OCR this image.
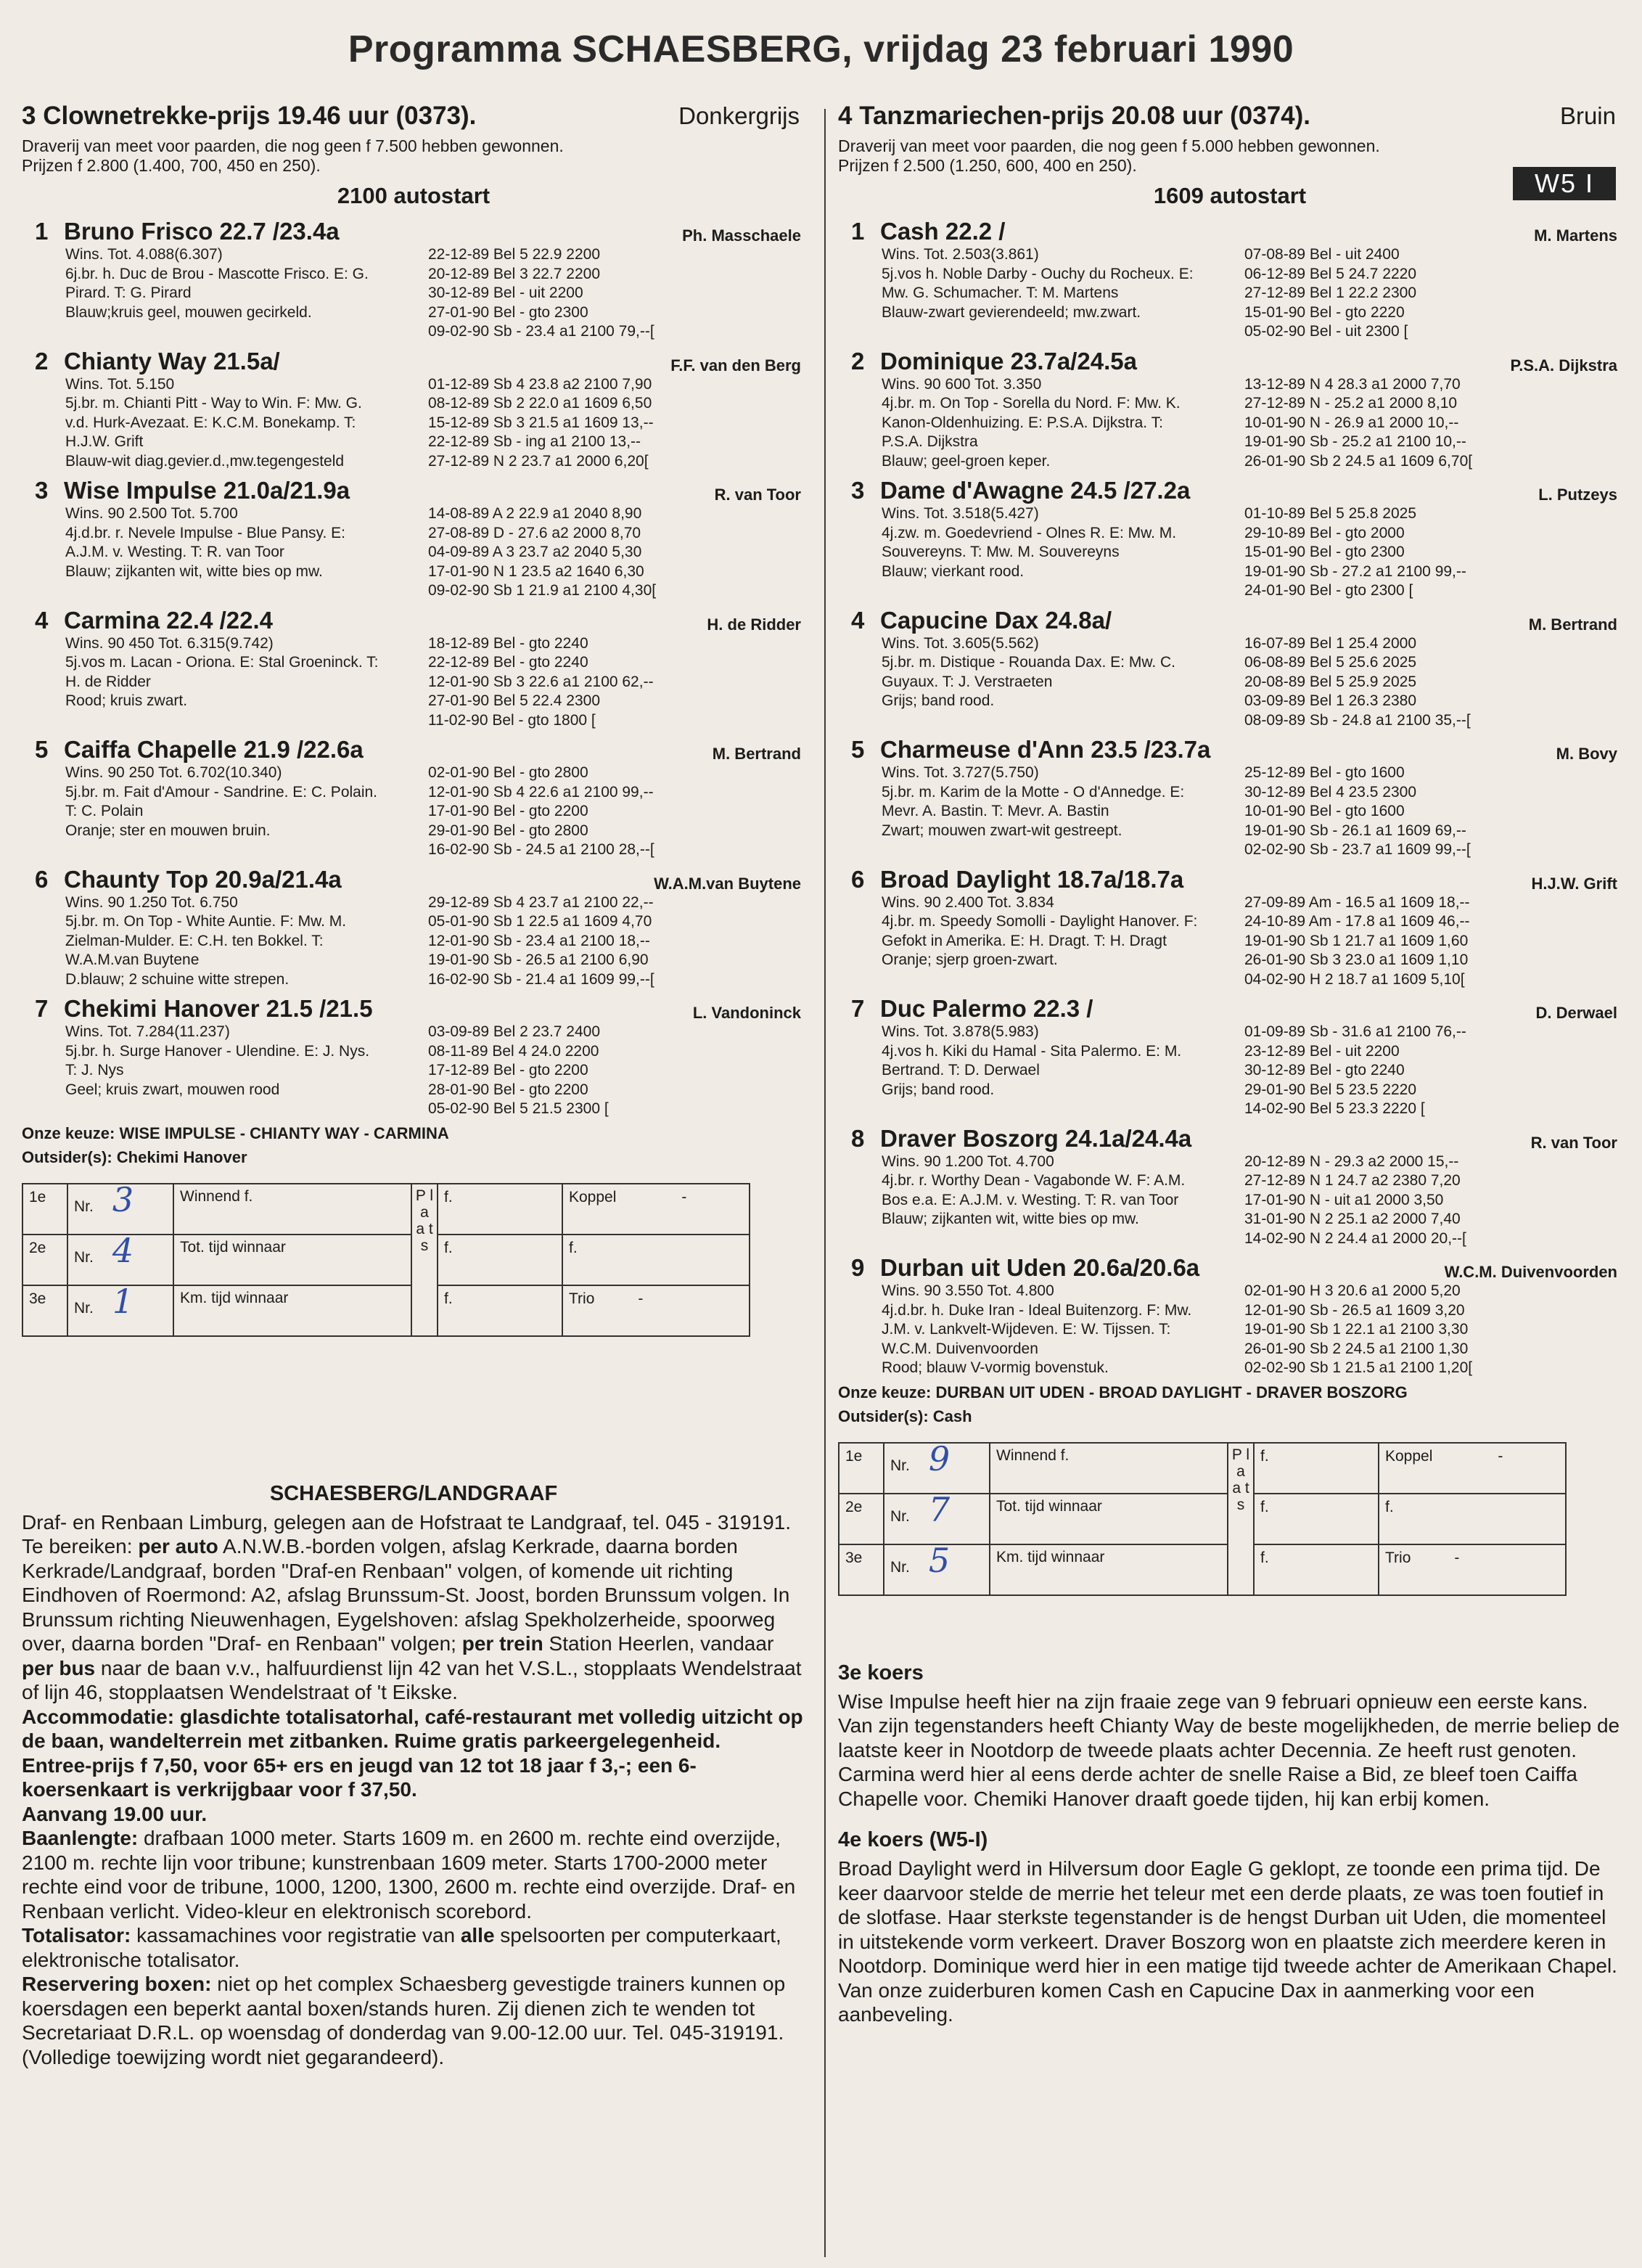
Programma SCHAESBERG, vrijdag 23 februari 1990
3 Clownetrekke-prijs 19.46 uur (0373).	Donkergrijs
Draverij van meet voor paarden, die nog geen f 7.500 hebben gewonnen.
Prijzen f 2.800 (1.400, 700, 450 en 250).
2100 autostart
1 Bruno Frisco 22.7 /23.4a	Ph. Masschaele
Wins. Tot. 4.088(6.307)
6j.br. h. Duc de Brou - Mascotte Frisco. E: G.
Pirard. T: G. Pirard
Blauw;kruis geel, mouwen gecirkeld.
22-12-89 Bel 5 22.9 2200
20-12-89 Bel 3 22.7 2200
30-12-89 Bel - uit 2200
27-01-90 Bel - gto 2300
09-02-90 Sb - 23.4 a1 2100 79,--[
2 Chianty Way 21.5a/	F.F. van den Berg
Wins. Tot. 5.150
5j.br. m. Chianti Pitt - Way to Win. F: Mw. G.
v.d. Hurk-Avezaat. E: K.C.M. Bonekamp. T:
H.J.W. Grift
Blauw-wit diag.gevier.d.,mw.tegengesteld
01-12-89 Sb 4 23.8 a2 2100 7,90
08-12-89 Sb 2 22.0 a1 1609 6,50
15-12-89 Sb 3 21.5 a1 1609 13,--
22-12-89 Sb - ing a1 2100 13,--
27-12-89 N 2 23.7 a1 2000 6,20[
3 Wise Impulse 21.0a/21.9a	R. van Toor
Wins. 90 2.500 Tot. 5.700
4j.d.br. r. Nevele Impulse - Blue Pansy. E:
A.J.M. v. Westing. T: R. van Toor
Blauw; zijkanten wit, witte bies op mw.
14-08-89 A 2 22.9 a1 2040 8,90
27-08-89 D - 27.6 a2 2000 8,70
04-09-89 A 3 23.7 a2 2040 5,30
17-01-90 N 1 23.5 a2 1640 6,30
09-02-90 Sb 1 21.9 a1 2100 4,30[
4 Carmina 22.4 /22.4	H. de Ridder
Wins. 90 450 Tot. 6.315(9.742)
5j.vos m. Lacan - Oriona. E: Stal Groeninck. T:
H. de Ridder
Rood; kruis zwart.
18-12-89 Bel - gto 2240
22-12-89 Bel - gto 2240
12-01-90 Sb 3 22.6 a1 2100 62,--
27-01-90 Bel 5 22.4 2300
11-02-90 Bel - gto 1800 [
5 Caiffa Chapelle 21.9 /22.6a	M. Bertrand
Wins. 90 250 Tot. 6.702(10.340)
5j.br. m. Fait d'Amour - Sandrine. E: C. Polain.
T: C. Polain
Oranje; ster en mouwen bruin.
02-01-90 Bel - gto 2800
12-01-90 Sb 4 22.6 a1 2100 99,--
17-01-90 Bel - gto 2200
29-01-90 Bel - gto 2800
16-02-90 Sb - 24.5 a1 2100 28,--[
6 Chaunty Top 20.9a/21.4a	W.A.M.van Buytene
Wins. 90 1.250 Tot. 6.750
5j.br. m. On Top - White Auntie. F: Mw. M.
Zielman-Mulder. E: C.H. ten Bokkel. T:
W.A.M.van Buytene
D.blauw; 2 schuine witte strepen.
29-12-89 Sb 4 23.7 a1 2100 22,--
05-01-90 Sb 1 22.5 a1 1609 4,70
12-01-90 Sb - 23.4 a1 2100 18,--
19-01-90 Sb - 26.5 a1 2100 6,90
16-02-90 Sb - 21.4 a1 1609 99,--[
7 Chekimi Hanover 21.5 /21.5	L. Vandoninck
Wins. Tot. 7.284(11.237)
5j.br. h. Surge Hanover - Ulendine. E: J. Nys.
T: J. Nys
Geel; kruis zwart, mouwen rood
03-09-89 Bel 2 23.7 2400
08-11-89 Bel 4 24.0 2200
17-12-89 Bel - gto 2200
28-01-90 Bel - gto 2200
05-02-90 Bel 5 21.5 2300 [
Onze keuze: WISE IMPULSE - CHIANTY WAY - CARMINA
Outsider(s): Chekimi Hanover
1e	Nr. 3	Winnend f.	P l a a t s	f.	Koppel -
2e	Nr. 4	Tot. tijd winnaar		f.	f.
3e	Nr. 1	Km. tijd winnaar		f.	Trio -
SCHAESBERG/LANDGRAAF
Draf- en Renbaan Limburg, gelegen aan de Hofstraat te Landgraaf, tel. 045 - 319191. Te bereiken: per auto A.N.W.B.-borden volgen, afslag Kerkrade, daarna borden Kerkrade/Landgraaf, borden "Draf-en Renbaan" volgen, of komende uit richting Eindhoven of Roermond: A2, afslag Brunssum-St. Joost, borden Brunssum volgen. In Brunssum richting Nieuwenhagen, Eygelshoven: afslag Spekholzerheide, spoorweg over, daarna borden "Draf- en Renbaan" volgen; per trein Station Heerlen, vandaar per bus naar de baan v.v., halfuurdienst lijn 42 van het V.S.L., stopplaats Wendelstraat of lijn 46, stopplaatsen Wendelstraat of 't Eikske.
Accommodatie: glasdichte totalisatorhal, café-restaurant met volledig uitzicht op de baan, wandelterrein met zitbanken. Ruime gratis parkeergelegenheid.
Entree-prijs f 7,50, voor 65+ ers en jeugd van 12 tot 18 jaar f 3,-; een 6-koersenkaart is verkrijgbaar voor f 37,50.
Aanvang 19.00 uur.
Baanlengte: drafbaan 1000 meter. Starts 1609 m. en 2600 m. rechte eind overzijde, 2100 m. rechte lijn voor tribune; kunstrenbaan 1609 meter. Starts 1700-2000 meter rechte eind voor de tribune, 1000, 1200, 1300, 2600 m. rechte eind overzijde. Draf- en Renbaan verlicht. Video-kleur en elektronisch scorebord.
Totalisator: kassamachines voor registratie van alle spelsoorten per computerkaart, elektronische totalisator.
Reservering boxen: niet op het complex Schaesberg gevestigde trainers kunnen op koersdagen een beperkt aantal boxen/stands huren. Zij dienen zich te wenden tot Secretariaat D.R.L. op woensdag of donderdag van 9.00-12.00 uur. Tel. 045-319191. (Volledige toewijzing wordt niet gegarandeerd).
4 Tanzmariechen-prijs 20.08 uur (0374).	Bruin
Draverij van meet voor paarden, die nog geen f 5.000 hebben gewonnen.
Prijzen f 2.500 (1.250, 600, 400 en 250).
1609 autostart	W5 I
1 Cash 22.2 /	M. Martens
Wins. Tot. 2.503(3.861)
5j.vos h. Noble Darby - Ouchy du Rocheux. E:
Mw. G. Schumacher. T: M. Martens
Blauw-zwart gevierendeeld; mw.zwart.
07-08-89 Bel - uit 2400
06-12-89 Bel 5 24.7 2220
27-12-89 Bel 1 22.2 2300
15-01-90 Bel - gto 2220
05-02-90 Bel - uit 2300 [
2 Dominique 23.7a/24.5a	P.S.A. Dijkstra
Wins. 90 600 Tot. 3.350
4j.br. m. On Top - Sorella du Nord. F: Mw. K.
Kanon-Oldenhuizing. E: P.S.A. Dijkstra. T:
P.S.A. Dijkstra
Blauw; geel-groen keper.
13-12-89 N 4 28.3 a1 2000 7,70
27-12-89 N - 25.2 a1 2000 8,10
10-01-90 N - 26.9 a1 2000 10,--
19-01-90 Sb - 25.2 a1 2100 10,--
26-01-90 Sb 2 24.5 a1 1609 6,70[
3 Dame d'Awagne 24.5 /27.2a	L. Putzeys
Wins. Tot. 3.518(5.427)
4j.zw. m. Goedevriend - Olnes R. E: Mw. M.
Souvereyns. T: Mw. M. Souvereyns
Blauw; vierkant rood.
01-10-89 Bel 5 25.8 2025
29-10-89 Bel - gto 2000
15-01-90 Bel - gto 2300
19-01-90 Sb - 27.2 a1 2100 99,--
24-01-90 Bel - gto 2300 [
4 Capucine Dax 24.8a/	M. Bertrand
Wins. Tot. 3.605(5.562)
5j.br. m. Distique - Rouanda Dax. E: Mw. C.
Guyaux. T: J. Verstraeten
Grijs; band rood.
16-07-89 Bel 1 25.4 2000
06-08-89 Bel 5 25.6 2025
20-08-89 Bel 5 25.9 2025
03-09-89 Bel 1 26.3 2380
08-09-89 Sb - 24.8 a1 2100 35,--[
5 Charmeuse d'Ann 23.5 /23.7a	M. Bovy
Wins. Tot. 3.727(5.750)
5j.br. m. Karim de la Motte - O d'Annedge. E:
Mevr. A. Bastin. T: Mevr. A. Bastin
Zwart; mouwen zwart-wit gestreept.
25-12-89 Bel - gto 1600
30-12-89 Bel 4 23.5 2300
10-01-90 Bel - gto 1600
19-01-90 Sb - 26.1 a1 1609 69,--
02-02-90 Sb - 23.7 a1 1609 99,--[
6 Broad Daylight 18.7a/18.7a	H.J.W. Grift
Wins. 90 2.400 Tot. 3.834
4j.br. m. Speedy Somolli - Daylight Hanover. F:
Gefokt in Amerika. E: H. Dragt. T: H. Dragt
Oranje; sjerp groen-zwart.
27-09-89 Am - 16.5 a1 1609 18,--
24-10-89 Am - 17.8 a1 1609 46,--
19-01-90 Sb 1 21.7 a1 1609 1,60
26-01-90 Sb 3 23.0 a1 1609 1,10
04-02-90 H 2 18.7 a1 1609 5,10[
7 Duc Palermo 22.3 /	D. Derwael
Wins. Tot. 3.878(5.983)
4j.vos h. Kiki du Hamal - Sita Palermo. E: M.
Bertrand. T: D. Derwael
Grijs; band rood.
01-09-89 Sb - 31.6 a1 2100 76,--
23-12-89 Bel - uit 2200
30-12-89 Bel - gto 2240
29-01-90 Bel 5 23.5 2220
14-02-90 Bel 5 23.3 2220 [
8 Draver Boszorg 24.1a/24.4a	R. van Toor
Wins. 90 1.200 Tot. 4.700
4j.br. r. Worthy Dean - Vagabonde W. F: A.M.
Bos e.a. E: A.J.M. v. Westing. T: R. van Toor
Blauw; zijkanten wit, witte bies op mw.
20-12-89 N - 29.3 a2 2000 15,--
27-12-89 N 1 24.7 a2 2380 7,20
17-01-90 N - uit a1 2000 3,50
31-01-90 N 2 25.1 a2 2000 7,40
14-02-90 N 2 24.4 a1 2000 20,--[
9 Durban uit Uden 20.6a/20.6a	W.C.M. Duivenvoorden
Wins. 90 3.550 Tot. 4.800
4j.d.br. h. Duke Iran - Ideal Buitenzorg. F: Mw.
J.M. v. Lankvelt-Wijdeven. E: W. Tijssen. T:
W.C.M. Duivenvoorden
Rood; blauw V-vormig bovenstuk.
02-01-90 H 3 20.6 a1 2000 5,20
12-01-90 Sb - 26.5 a1 1609 3,20
19-01-90 Sb 1 22.1 a1 2100 3,30
26-01-90 Sb 2 24.5 a1 2100 1,30
02-02-90 Sb 1 21.5 a1 2100 1,20[
Onze keuze: DURBAN UIT UDEN - BROAD DAYLIGHT - DRAVER BOSZORG
Outsider(s): Cash
1e	Nr. 9	Winnend f.	P l a a t s	f.	Koppel -
2e	Nr. 7	Tot. tijd winnaar		f.	f.
3e	Nr. 5	Km. tijd winnaar		f.	Trio -
3e koers
Wise Impulse heeft hier na zijn fraaie zege van 9 februari opnieuw een eerste kans. Van zijn tegenstanders heeft Chianty Way de beste mogelijkheden, de merrie beliep de laatste keer in Nootdorp de tweede plaats achter Decennia. Ze heeft rust genoten. Carmina werd hier al eens derde achter de snelle Raise a Bid, ze bleef toen Caiffa Chapelle voor. Chemiki Hanover draaft goede tijden, hij kan erbij komen.
4e koers (W5-I)
Broad Daylight werd in Hilversum door Eagle G geklopt, ze toonde een prima tijd. De keer daarvoor stelde de merrie het teleur met een derde plaats, ze was toen foutief in de slotfase. Haar sterkste tegenstander is de hengst Durban uit Uden, die momenteel in uitstekende vorm verkeert. Draver Boszorg won en plaatste zich meerdere keren in Nootdorp. Dominique werd hier in een matige tijd tweede achter de Amerikaan Chapel. Van onze zuiderburen komen Cash en Capucine Dax in aanmerking voor een aanbeveling.
